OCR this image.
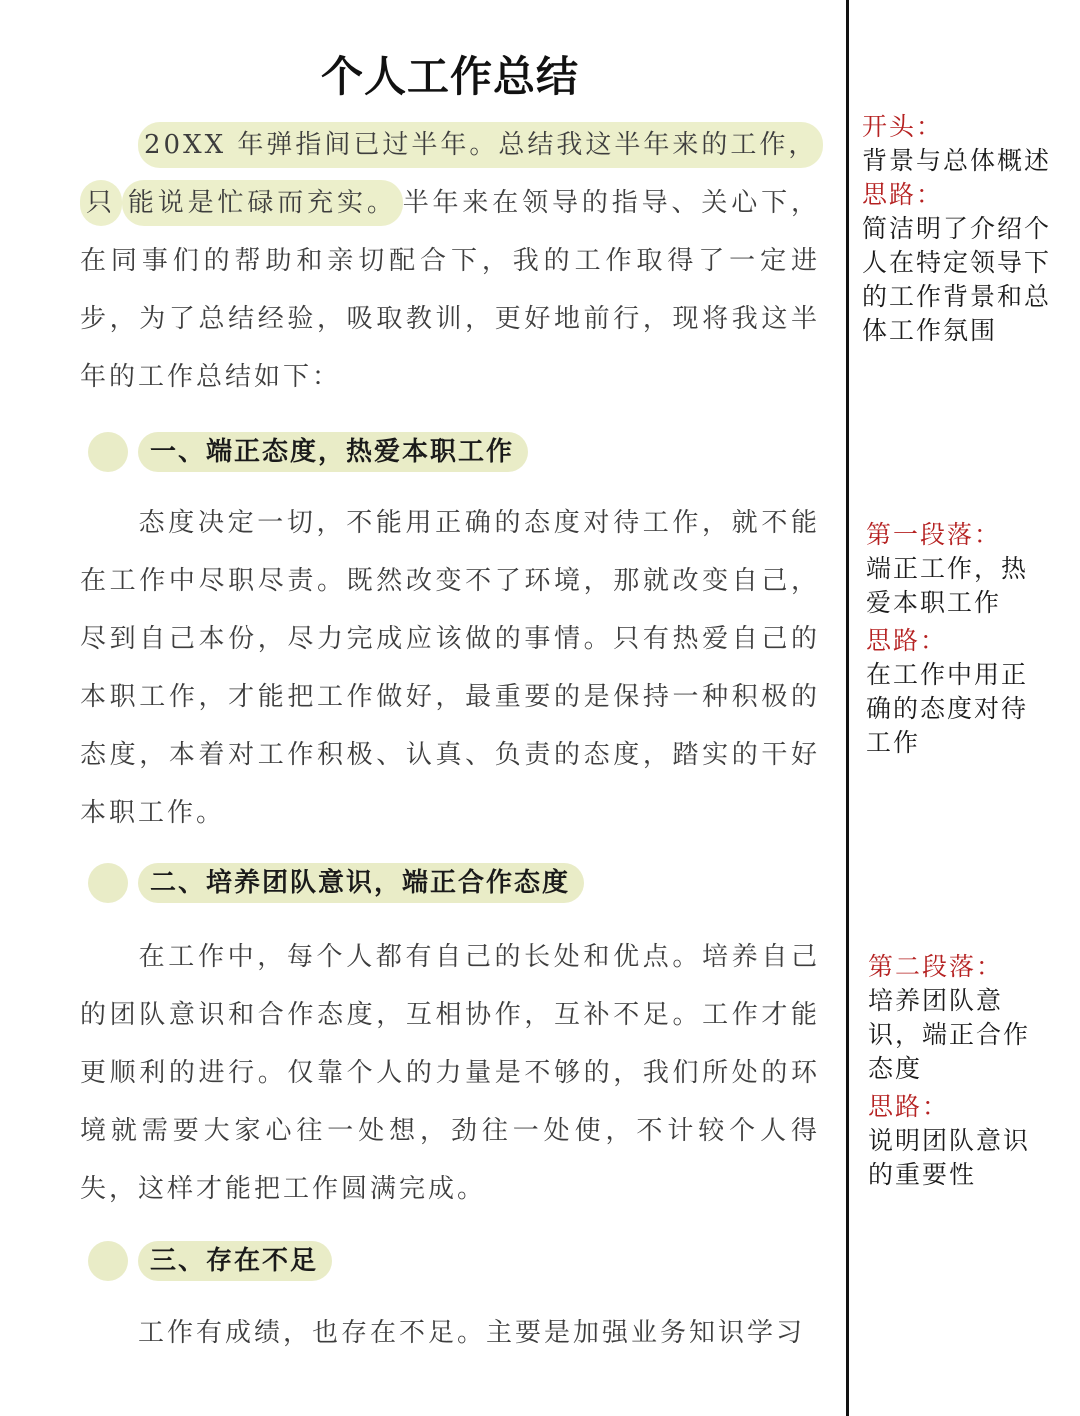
个人工作总结
20XX 年弹指间已过半年。总结我这半年来的工作，只 能说是忙碌而充实。 半年来在领导的指导、关心下，在同事们的帮助和亲切配合下，我的工作取得了一定进步，为了总结经验，吸取教训，更好地前行，现将我这半年的工作总结如下：
一、端正态度，热爱本职工作
态度决定一切，不能用正确的态度对待工作，就不能在工作中尽职尽责。既然改变不了环境，那就改变自己，尽到自己本份，尽力完成应该做的事情。只有热爱自己的本职工作，才能把工作做好，最重要的是保持一种积极的态度，本着对工作积极、认真、负责的态度，踏实的干好本职工作。
二、培养团队意识，端正合作态度
在工作中，每个人都有自己的长处和优点。培养自己的团队意识和合作态度，互相协作，互补不足。工作才能更顺利的进行。仅靠个人的力量是不够的，我们所处的环境就需要大家心往一处想，劲往一处使，不计较个人得失，这样才能把工作圆满完成。
三、存在不足
工作有成绩，也存在不足。主要是加强业务知识学习
开头：
背景与总体概述
思路：
简洁明了介绍个人在特定领导下的工作背景和总体工作氛围
第一段落：
端正工作，热爱本职工作
思路：
在工作中用正确的态度对待工作
第二段落：
培养团队意识，端正合作态度
思路：
说明团队意识的重要性
